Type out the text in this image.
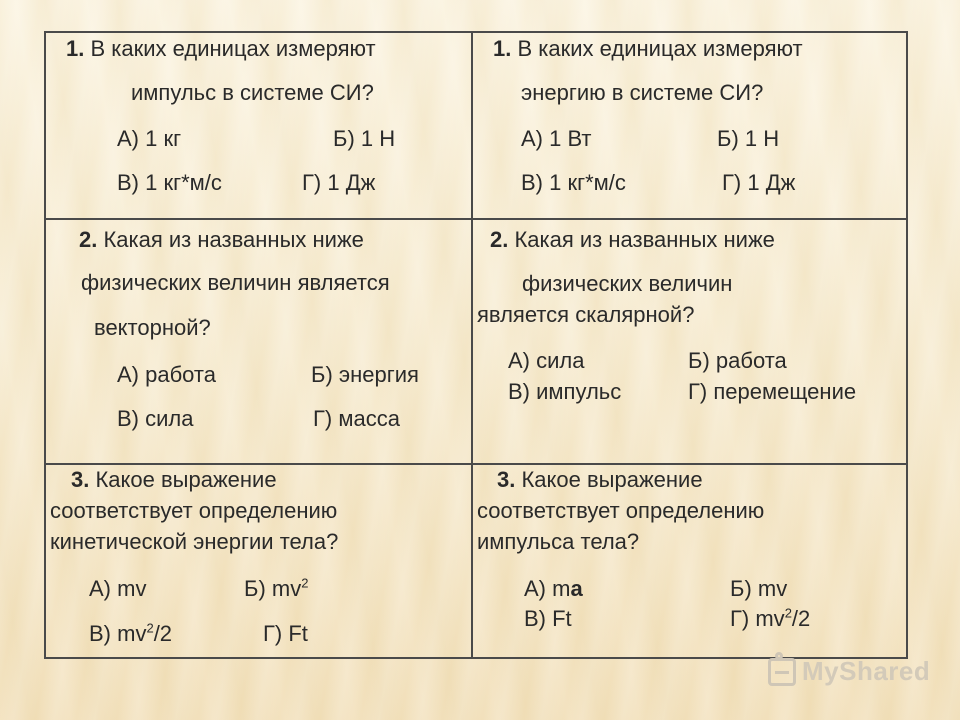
1. В каких единицах измеряют
импульс в системе СИ?
А) 1 кг	Б) 1 Н
В) 1 кг*м/с	Г) 1 Дж
1. В каких единицах измеряют
энергию в системе СИ?
А) 1 Вт	Б) 1 Н
В) 1 кг*м/с	Г) 1 Дж
2. Какая из названных ниже
физических величин является
векторной?
А) работа	Б) энергия
В) сила	Г) масса
2. Какая из названных ниже
физических величин
является скалярной?
А) сила	Б) работа
В) импульс	Г) перемещение
3. Какое выражение
соответствует определению
кинетической энергии тела?
А) mv	Б) $mv^2$
В) $mv^2/2$	Г) Ft
3. Какое выражение
соответствует определению
импульса тела?
А) ma	Б) mv
В) Ft	Г) $mv^2/2$
MyShared
